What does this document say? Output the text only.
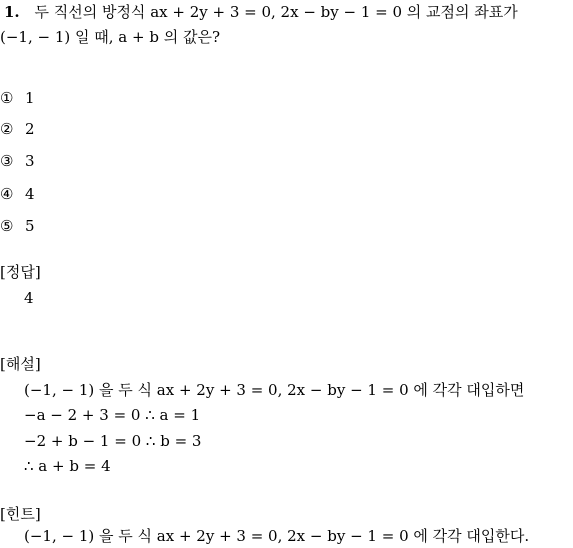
1. 두 직선의 방정식 ax + 2y + 3 = 0, 2x − by − 1 = 0 의 교점의 좌표가
(−1, − 1) 일 때, a + b 의 값은?
① 1
② 2
③ 3
④ 4
⑤ 5
[정답]
4
[해설]
(−1, − 1) 을 두 식 ax + 2y + 3 = 0, 2x − by − 1 = 0 에 각각 대입하면
−a − 2 + 3 = 0 ∴ a = 1
−2 + b − 1 = 0 ∴ b = 3
∴ a + b = 4
[힌트]
(−1, − 1) 을 두 식 ax + 2y + 3 = 0, 2x − by − 1 = 0 에 각각 대입한다.
